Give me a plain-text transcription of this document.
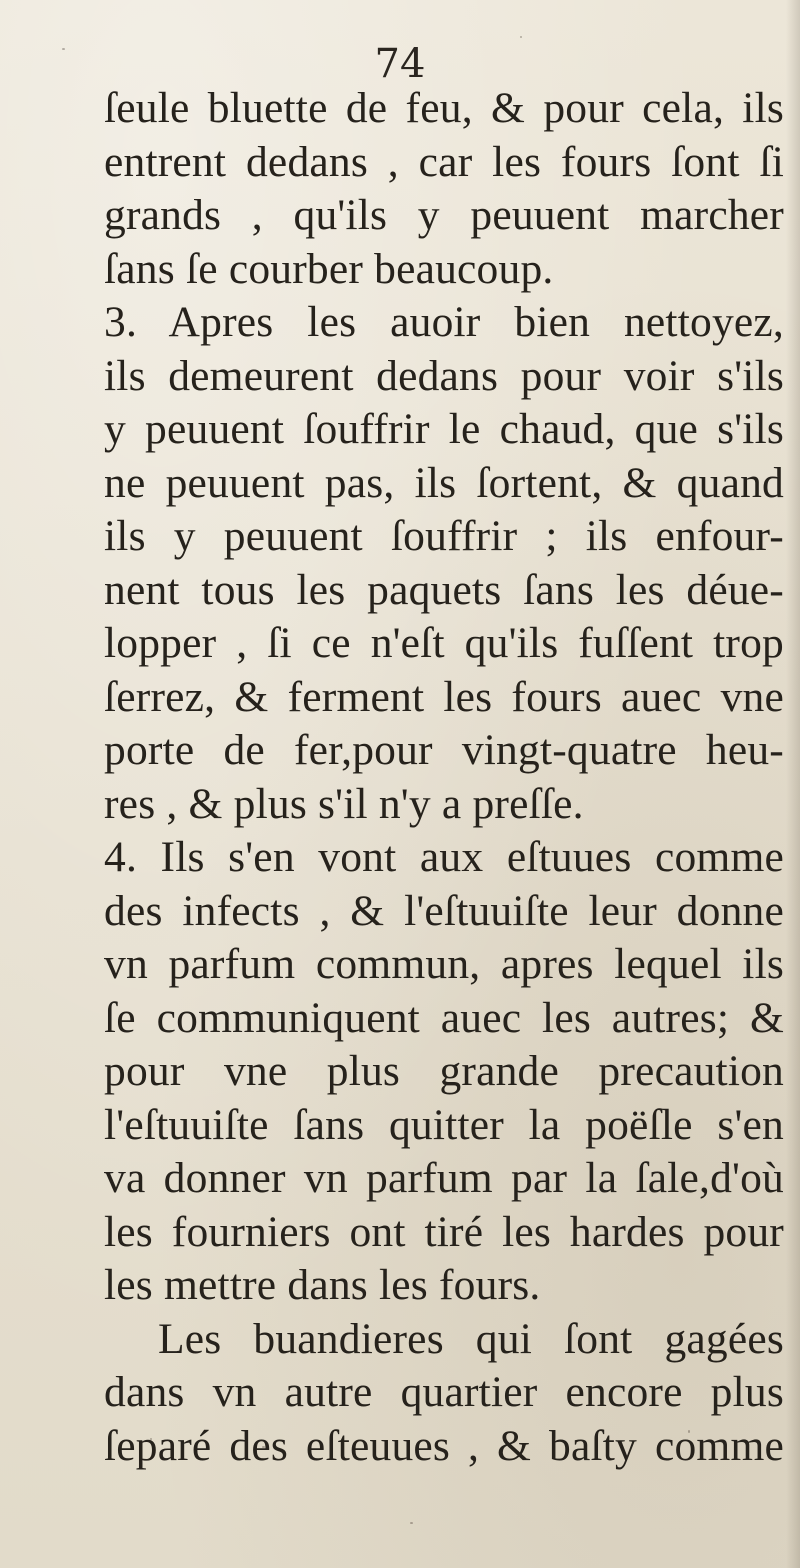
74
ſeule bluette de feu, & pour cela, ils
entrent dedans , car les fours ſont ſi
grands , qu'ils y peuuent marcher
ſans ſe courber beaucoup.
3. Apres les auoir bien nettoyez,
ils demeurent dedans pour voir s'ils
y peuuent ſouffrir le chaud, que s'ils
ne peuuent pas, ils ſortent, & quand
ils y peuuent ſouffrir ; ils enfour-
nent tous les paquets ſans les déue-
lopper , ſi ce n'eſt qu'ils fuſſent trop
ſerrez, & ferment les fours auec vne
porte de fer,pour vingt-quatre heu-
res , & plus s'il n'y a preſſe.
4. Ils s'en vont aux eſtuues comme
des infects , & l'eſtuuiſte leur donne
vn parfum commun, apres lequel ils
ſe communiquent auec les autres; &
pour vne plus grande precaution
l'eſtuuiſte ſans quitter la poëſle s'en
va donner vn parfum par la ſale,d'où
les fourniers ont tiré les hardes pour
les mettre dans les fours.
Les buandieres qui ſont gagées
dans vn autre quartier encore plus
ſeparé des eſteuues , & baſty comme
